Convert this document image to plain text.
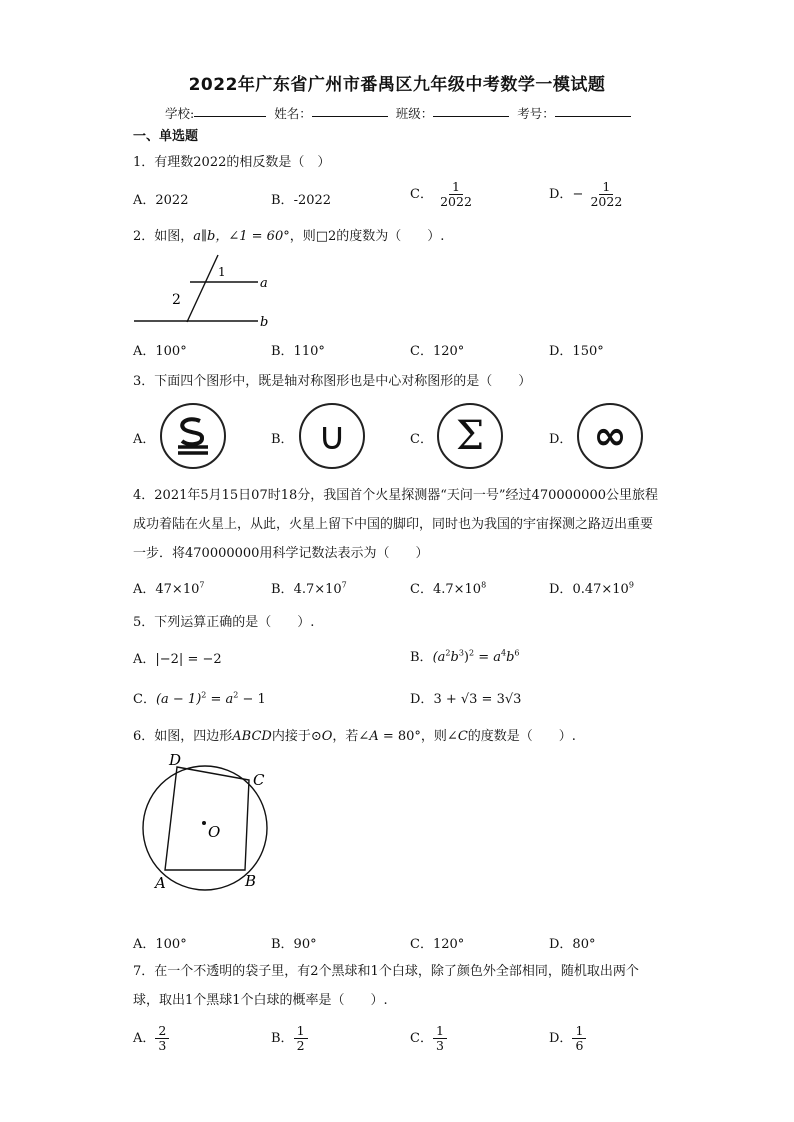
2022年广东省广州市番禺区九年级中考数学一模试题
学校:	姓名：	班级：	考号：
一、单选题
1．有理数2022的相反数是（　）
A．2022	B．-2022	C． $\frac{1}{2022}$	D．− $\frac{1}{2022}$
2．如图，a∥b，∠1 = 60°，则□2的度数为（　　）.
1
2
a
b
A．100°	B．110°	C．120°	D．150°
3．下面四个图形中，既是轴对称图形也是中心对称图形的是（　　）
A．	B． ∪	C． Σ	D． ∞
4．2021年5月15日07时18分，我国首个火星探测器“天问一号”经过470000000公里旅程成功着陆在火星上，从此，火星上留下中国的脚印，同时也为我国的宇宙探测之路迈出重要一步．将470000000用科学记数法表示为（　　）
A．$47\times 10^7$	B．$4.7\times 10^7$	C．$4.7\times 10^8$	D．$0.47\times 10^9$
5．下列运算正确的是（　　）.
A．|−2| = −2	B．$(a^2b^3)^2 = a^4b^6$
C．$(a - 1)^2 = a^2 - 1$	D．3 + √3 = 3√3
6．如图，四边形ABCD内接于⊙O，若∠A = 80°，则∠C的度数是（　　）.
O
D
C
B
A
A．100°	B．90°	C．120°	D．80°
7．在一个不透明的袋子里，有2个黑球和1个白球，除了颜色外全部相同，随机取出两个球，取出1个黑球1个白球的概率是（　　）.
A． $\frac{2}{3}$	B． $\frac{1}{2}$	C． $\frac{1}{3}$	D． $\frac{1}{6}$
